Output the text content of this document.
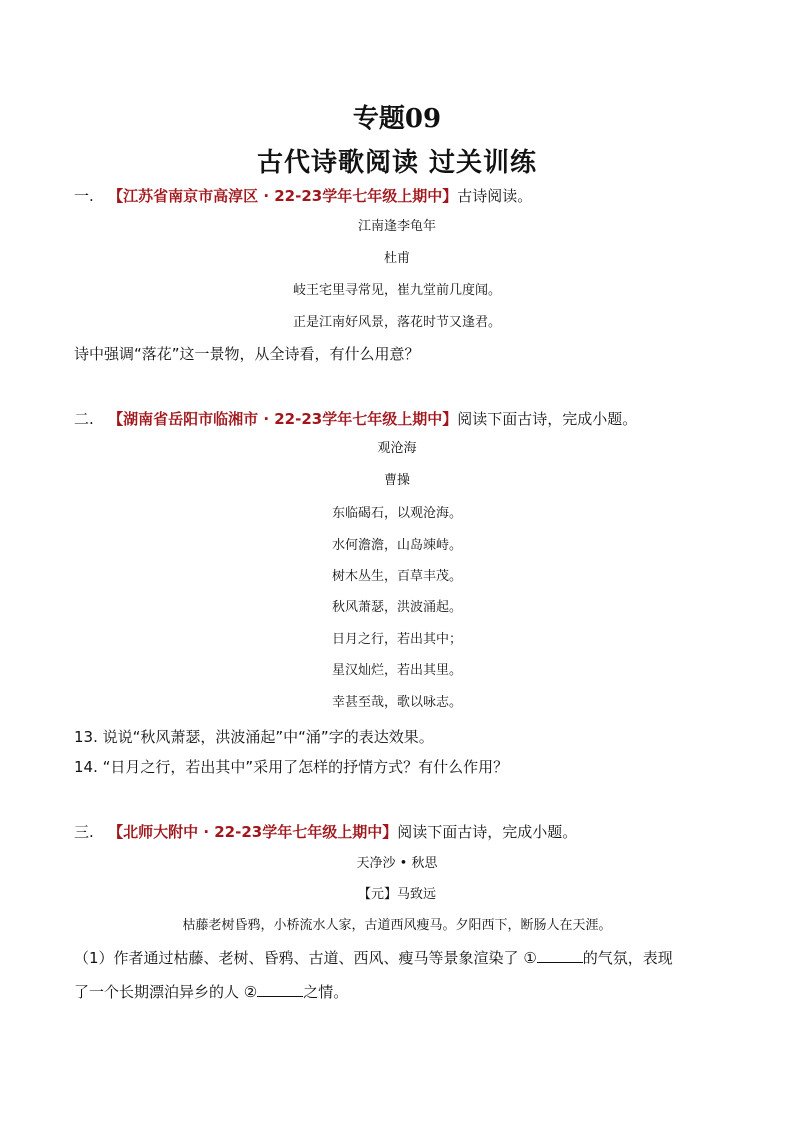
专题09
古代诗歌阅读 过关训练
一. 【江苏省南京市高淳区 · 22-23学年七年级上期中】古诗阅读。
江南逢李龟年
杜甫
岐王宅里寻常见，崔九堂前几度闻。
正是江南好风景，落花时节又逢君。
诗中强调“落花”这一景物，从全诗看，有什么用意？
二. 【湖南省岳阳市临湘市 · 22-23学年七年级上期中】阅读下面古诗，完成小题。
观沧海
曹操
东临碣石，以观沧海。
水何澹澹，山岛竦峙。
树木丛生，百草丰茂。
秋风萧瑟，洪波涌起。
日月之行，若出其中；
星汉灿烂，若出其里。
幸甚至哉，歌以咏志。
13. 说说“秋风萧瑟，洪波涌起”中“涌”字的表达效果。
14. “日月之行，若出其中”采用了怎样的抒情方式？有什么作用？
三. 【北师大附中 · 22-23学年七年级上期中】阅读下面古诗，完成小题。
天净沙 • 秋思
【元】马致远
枯藤老树昏鸦，小桥流水人家，古道西风瘦马。夕阳西下，断肠人在天涯。
（1）作者通过枯藤、老树、昏鸦、古道、西风、瘦马等景象渲染了 ①	的气氛，表现
了一个长期漂泊异乡的人 ②	之情。
